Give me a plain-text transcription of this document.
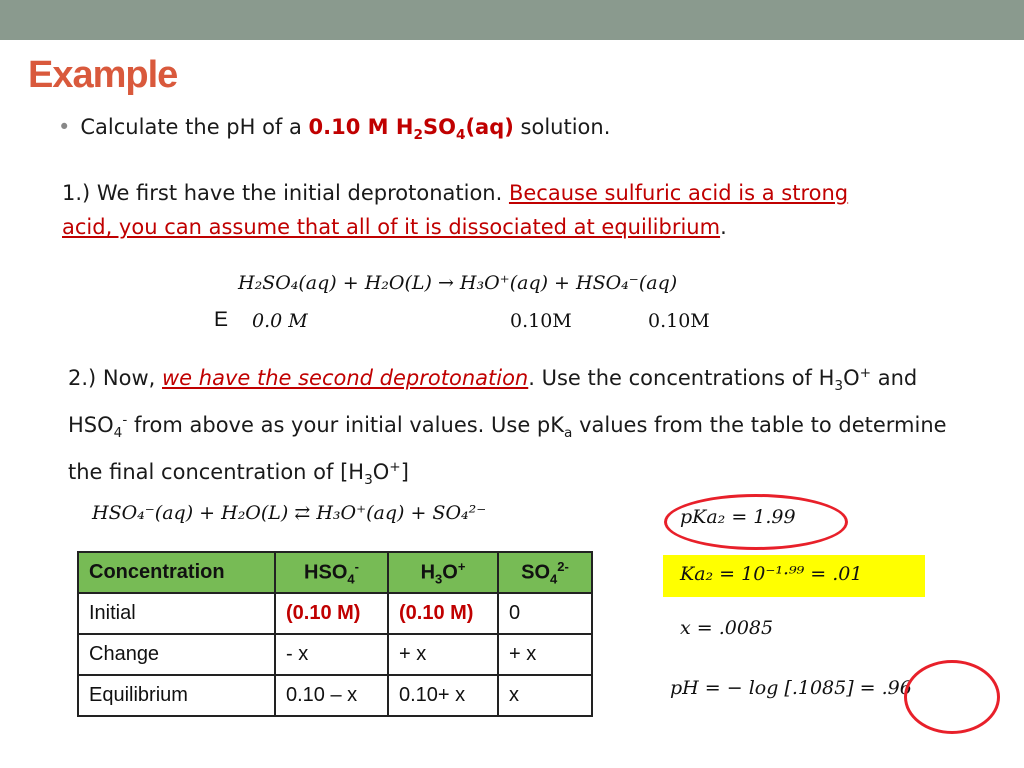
Example
• Calculate the pH of a 0.10 M $H_2SO_4(aq)$ solution.
1.) We first have the initial deprotonation. Because sulfuric acid is a strong acid, you can assume that all of it is dissociated at equilibrium.
H₂SO₄(aq) + H₂O(L) → H₃O⁺(aq) + HSO₄⁻(aq)
E 0.0 M	0.10M	0.10M
2.) Now, we have the second deprotonation. Use the concentrations of $H_3O^+$ and $HSO_4^-$ from above as your initial values. Use $pK_a$ values from the table to determine the final concentration of $[H_3O^+]$
HSO₄⁻(aq) + H₂O(L) ⇄ H₃O⁺(aq) + SO₄²⁻	pKa₂ = 1.99
Ka₂ = 10⁻¹·⁹⁹ = .01
x = .0085
pH = − log [.1085] = .96
Concentration	$HSO_4^-$	$H_3O^+$	$SO_4^{2-}$
Initial	(0.10 M)	(0.10 M)	0
Change	- x	+ x	+ x
Equilibrium	0.10 – x	0.10+ x	x
